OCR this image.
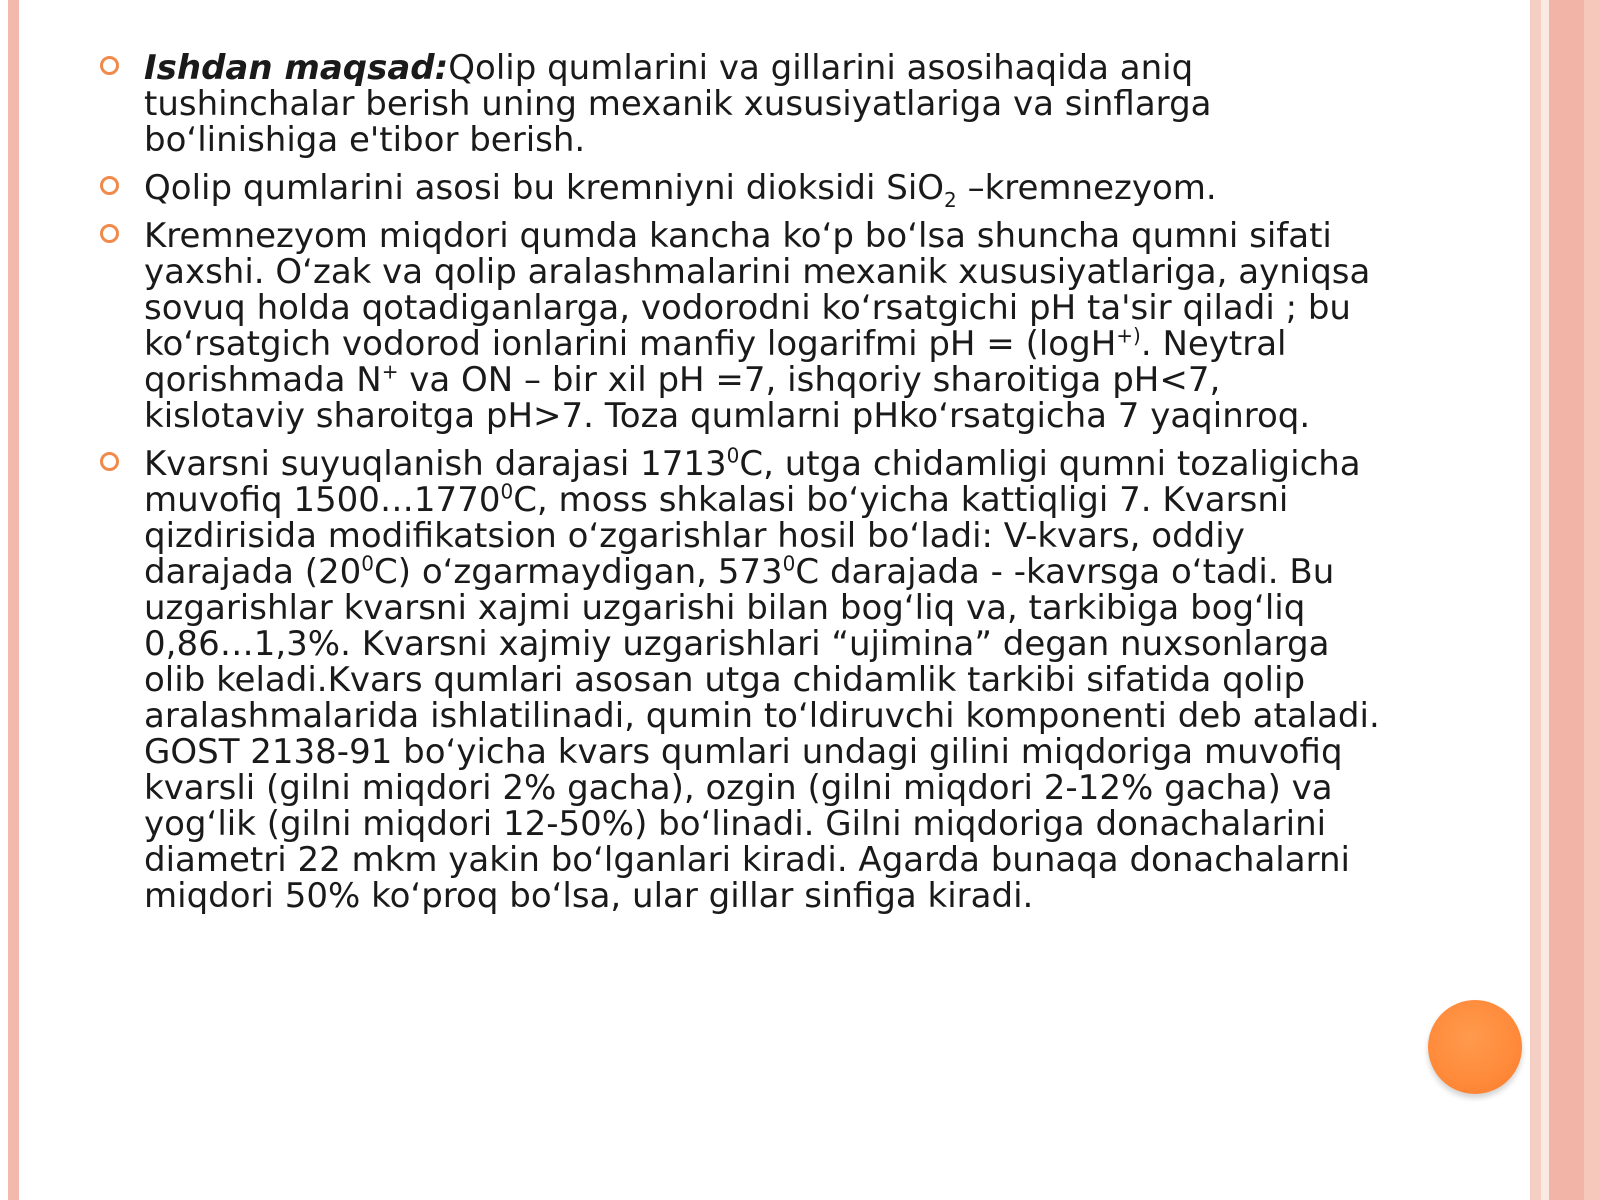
Ishdan maqsad:Qolip qumlarini va gillarini asosihaqida aniq tushinchalar berish uning mexanik xususiyatlariga va sinflarga bo‘linishiga e'tibor berish.
Qolip qumlarini asosi bu kremniyni dioksidi SiO$_2$ –kremnezyom.
Kremnezyom miqdori qumda kancha ko‘p bo‘lsa shuncha qumni sifati yaxshi. O‘zak va qolip aralashmalarini mexanik xususiyatlariga, ayniqsa sovuq holda qotadiganlarga, vodorodni ko‘rsatgichi pH ta'sir qiladi ; bu ko‘rsatgich vodorod ionlarini manfiy logarifmi pH = (logH+). Neytral qorishmada N+ va ON – bir xil pH =7, ishqoriy sharoitiga pH<7, kislotaviy sharoitga pH>7. Toza qumlarni pHko‘rsatgicha 7 yaqinroq.
Kvarsni suyuqlanish darajasi 1713$^0$C, utga chidamligi qumni tozaligicha muvofiq 1500…1770$^0$C, moss shkalasi bo‘yicha kattiqligi 7. Kvarsni qizdirisida modifikatsion o‘zgarishlar hosil bo‘ladi: V-kvars, oddiy darajada $(20^0C)$ o‘zgarmaydigan, $573^0C$ darajada - -kavrsga o‘tadi. Bu uzgarishlar kvarsni xajmi uzgarishi bilan bog‘liq va, tarkibiga bog‘liq 0,86…1,3%. Kvarsni xajmiy uzgarishlari “ujimina” degan nuxsonlarga olib keladi.Kvars qumlari asosan utga chidamlik tarkibi sifatida qolip aralashmalarida ishlatilinadi, qumin to‘ldiruvchi komponenti deb ataladi. GOST 2138-91 bo‘yicha kvars qumlari undagi gilini miqdoriga muvofiq kvarsli (gilni miqdori 2% gacha), ozgin (gilni miqdori 2-12% gacha) va yog‘lik (gilni miqdori 12-50%) bo‘linadi. Gilni miqdoriga donachalarini diametri 22 mkm yakin bo‘lganlari kiradi. Agarda bunaqa donachalarni miqdori 50% ko‘proq bo‘lsa, ular gillar sinfiga kiradi.
